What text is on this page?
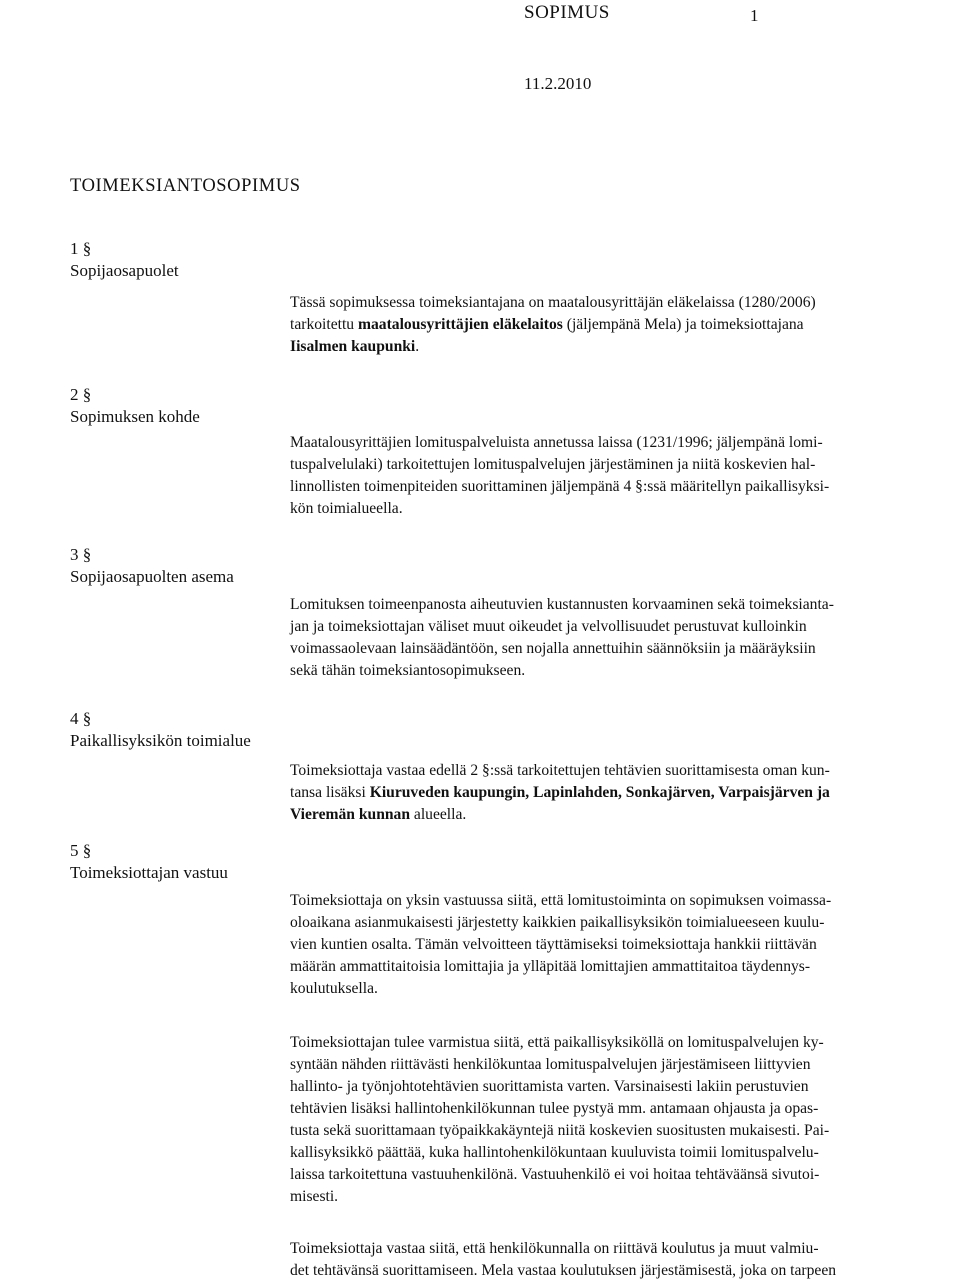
SOPIMUS	1
11.2.2010
TOIMEKSIANTOSOPIMUS
1 §
Sopijaosapuolet
Tässä sopimuksessa toimeksiantajana on maatalousyrittäjän eläkelaissa (1280/2006)
tarkoitettu maatalousyrittäjien eläkelaitos (jäljempänä Mela) ja toimeksiottajana
Iisalmen kaupunki.
2 §
Sopimuksen kohde
Maatalousyrittäjien lomituspalveluista annetussa laissa (1231/1996; jäljempänä lomi-
tuspalvelulaki) tarkoitettujen lomituspalvelujen järjestäminen ja niitä koskevien hal-
linnollisten toimenpiteiden suorittaminen jäljempänä 4 §:ssä määritellyn paikallisyksi-
kön toimialueella.
3 §
Sopijaosapuolten asema
Lomituksen toimeenpanosta aiheutuvien kustannusten korvaaminen sekä toimeksianta-
jan ja toimeksiottajan väliset muut oikeudet ja velvollisuudet perustuvat kulloinkin
voimassaolevaan lainsäädäntöön, sen nojalla annettuihin säännöksiin ja määräyksiin
sekä tähän toimeksiantosopimukseen.
4 §
Paikallisyksikön toimialue
Toimeksiottaja vastaa edellä 2 §:ssä tarkoitettujen tehtävien suorittamisesta oman kun-
tansa lisäksi Kiuruveden kaupungin, Lapinlahden, Sonkajärven, Varpaisjärven ja
Vieremän kunnan alueella.
5 §
Toimeksiottajan vastuu
Toimeksiottaja on yksin vastuussa siitä, että lomitustoiminta on sopimuksen voimassa-
oloaikana asianmukaisesti järjestetty kaikkien paikallisyksikön toimialueeseen kuulu-
vien kuntien osalta. Tämän velvoitteen täyttämiseksi toimeksiottaja hankkii riittävän
määrän ammattitaitoisia lomittajia ja ylläpitää lomittajien ammattitaitoa täydennys-
koulutuksella.
Toimeksiottajan tulee varmistua siitä, että paikallisyksiköllä on lomituspalvelujen ky-
syntään nähden riittävästi henkilökuntaa lomituspalvelujen järjestämiseen liittyvien
hallinto- ja työnjohtotehtävien suorittamista varten. Varsinaisesti lakiin perustuvien
tehtävien lisäksi hallintohenkilökunnan tulee pystyä mm. antamaan ohjausta ja opas-
tusta sekä suorittamaan työpaikkakäyntejä niitä koskevien suositusten mukaisesti. Pai-
kallisyksikkö päättää, kuka hallintohenkilökuntaan kuuluvista toimii lomituspalvelu-
laissa tarkoitettuna vastuuhenkilönä. Vastuuhenkilö ei voi hoitaa tehtäväänsä sivutoi-
misesti.
Toimeksiottaja vastaa siitä, että henkilökunnalla on riittävä koulutus ja muut valmiu-
det tehtävänsä suorittamiseen. Mela vastaa koulutuksen järjestämisestä, joka on tarpeen
